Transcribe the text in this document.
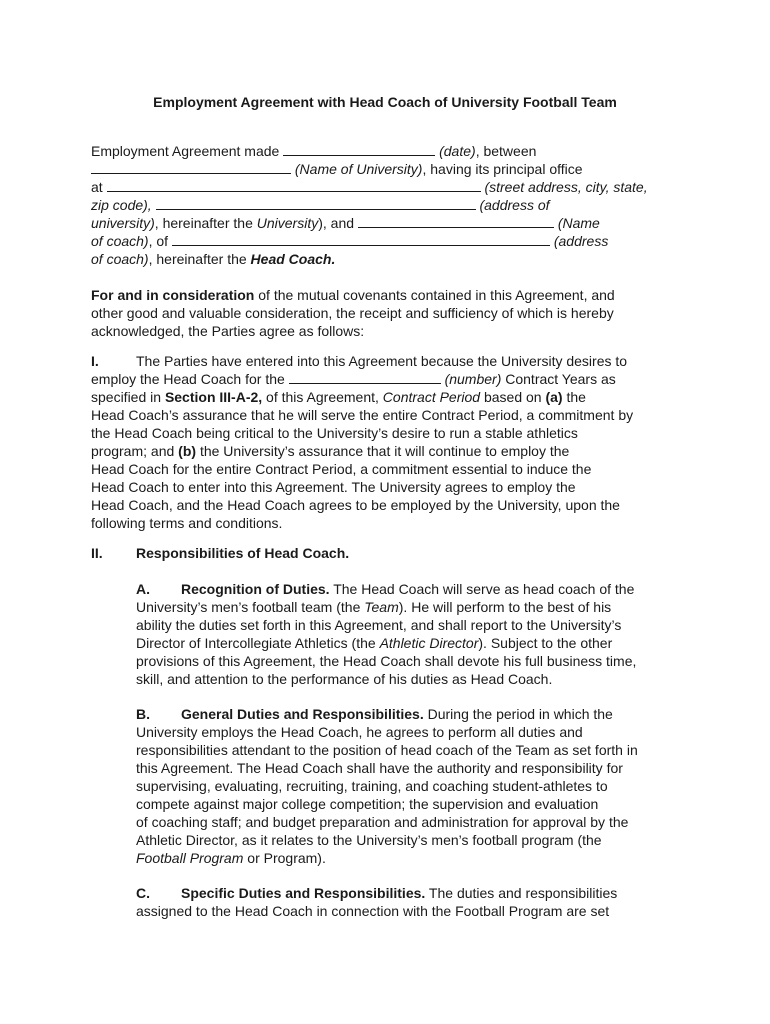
Employment Agreement with Head Coach of University Football Team
Employment Agreement made	(date), between
(Name of University), having its principal office
at	(street address, city, state,
zip code),	(address of
university), hereinafter the University), and	(Name
of coach), of	(address
of coach), hereinafter the Head Coach.
For and in consideration of the mutual covenants contained in this Agreement, and
other good and valuable consideration, the receipt and sufficiency of which is hereby
acknowledged, the Parties agree as follows:
I.	The Parties have entered into this Agreement because the University desires to
employ the Head Coach for the	(number) Contract Years as
specified in Section III-A-2, of this Agreement, Contract Period based on (a) the
Head Coach’s assurance that he will serve the entire Contract Period, a commitment by
the Head Coach being critical to the University’s desire to run a stable athletics
program; and (b) the University’s assurance that it will continue to employ the
Head Coach for the entire Contract Period, a commitment essential to induce the
Head Coach to enter into this Agreement. The University agrees to employ the
Head Coach, and the Head Coach agrees to be employed by the University, upon the
following terms and conditions.
II. Responsibilities of Head Coach.
A. Recognition of Duties. The Head Coach will serve as head coach of the
University’s men’s football team (the Team). He will perform to the best of his
ability the duties set forth in this Agreement, and shall report to the University’s
Director of Intercollegiate Athletics (the Athletic Director). Subject to the other
provisions of this Agreement, the Head Coach shall devote his full business time,
skill, and attention to the performance of his duties as Head Coach.
B. General Duties and Responsibilities. During the period in which the
University employs the Head Coach, he agrees to perform all duties and
responsibilities attendant to the position of head coach of the Team as set forth in
this Agreement. The Head Coach shall have the authority and responsibility for
supervising, evaluating, recruiting, training, and coaching student-athletes to
compete against major college competition; the supervision and evaluation
of coaching staff; and budget preparation and administration for approval by the
Athletic Director, as it relates to the University’s men’s football program (the
Football Program or Program).
C. Specific Duties and Responsibilities. The duties and responsibilities
assigned to the Head Coach in connection with the Football Program are set
